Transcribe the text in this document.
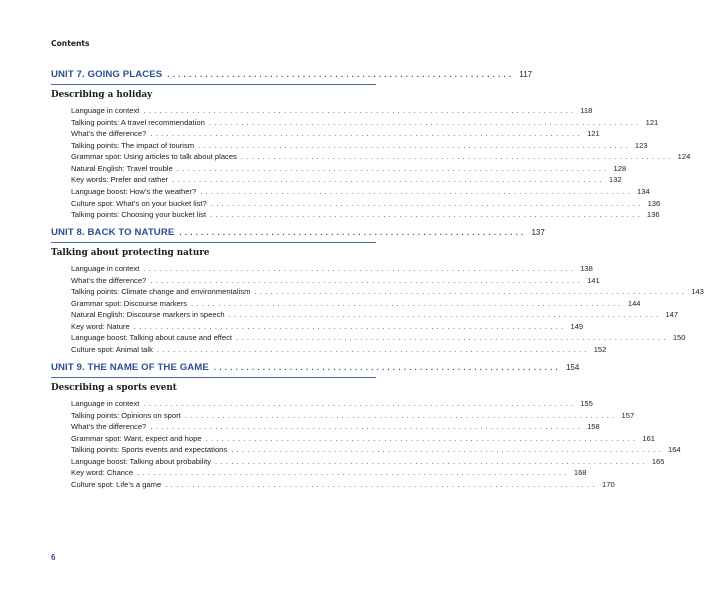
Contents
UNIT 7. GOING PLACES ................................................................ 117
Describing a holiday
Language in context ................................................................................ 118
Talking points: A travel recommendation ................................................................................ 121
What’s the difference? ................................................................................ 121
Talking points: The impact of tourism ................................................................................ 123
Grammar spot: Using articles to talk about places ................................................................................ 124
Natural English: Travel trouble ................................................................................ 128
Key words: Prefer and rather ................................................................................ 132
Language boost: How’s the weather? ................................................................................ 134
Culture spot: What’s on your bucket list? ................................................................................ 136
Talking points: Choosing your bucket list ................................................................................ 136
UNIT 8. BACK TO NATURE ................................................................ 137
Talking about protecting nature
Language in context ................................................................................ 138
What’s the difference? ................................................................................ 141
Talking points: Climate change and environmentalism ................................................................................ 143
Grammar spot: Discourse markers ................................................................................ 144
Natural English: Discourse markers in speech ................................................................................ 147
Key word: Nature ................................................................................ 149
Language boost: Talking about cause and effect ................................................................................ 150
Culture spot: Animal talk ................................................................................ 152
UNIT 9. THE NAME OF THE GAME ................................................................ 154
Describing a sports event
Language in context ................................................................................ 155
Talking points: Opinions on sport ................................................................................ 157
What’s the difference? ................................................................................ 158
Grammar spot: Want, expect and hope ................................................................................ 161
Talking points: Sports events and expectations ................................................................................ 164
Language boost: Talking about probability ................................................................................ 165
Key word: Chance ................................................................................ 168
Culture spot: Life’s a game ................................................................................ 170
6
